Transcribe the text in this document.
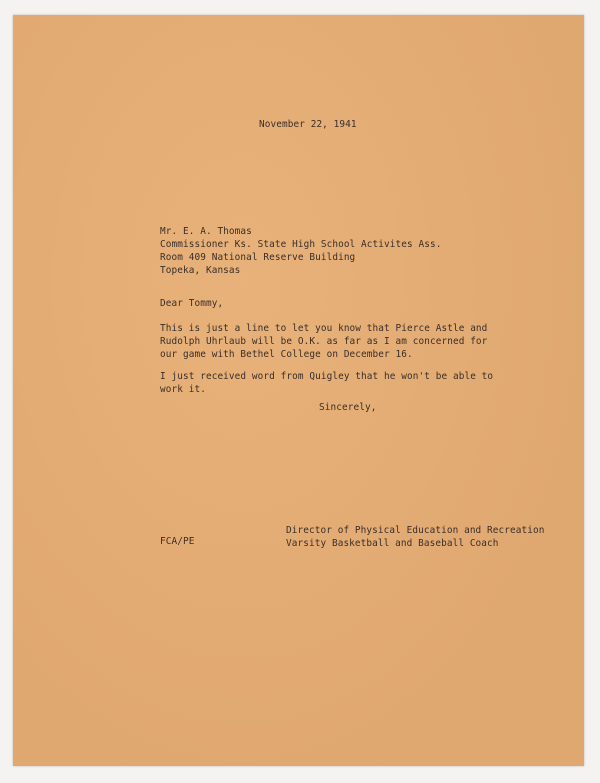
November 22, 1941
Mr. E. A. Thomas
Commissioner Ks. State High School Activites Ass.
Room 409 National Reserve Building
Topeka, Kansas
Dear Tommy,
This is just a line to let you know that Pierce Astle and
Rudolph Uhrlaub will be O.K. as far as I am concerned for
our game with Bethel College on December 16.
I just received word from Quigley that he won't be able to
work it.
Sincerely,
FCA/PE
Director of Physical Education and Recreation
Varsity Basketball and Baseball Coach
